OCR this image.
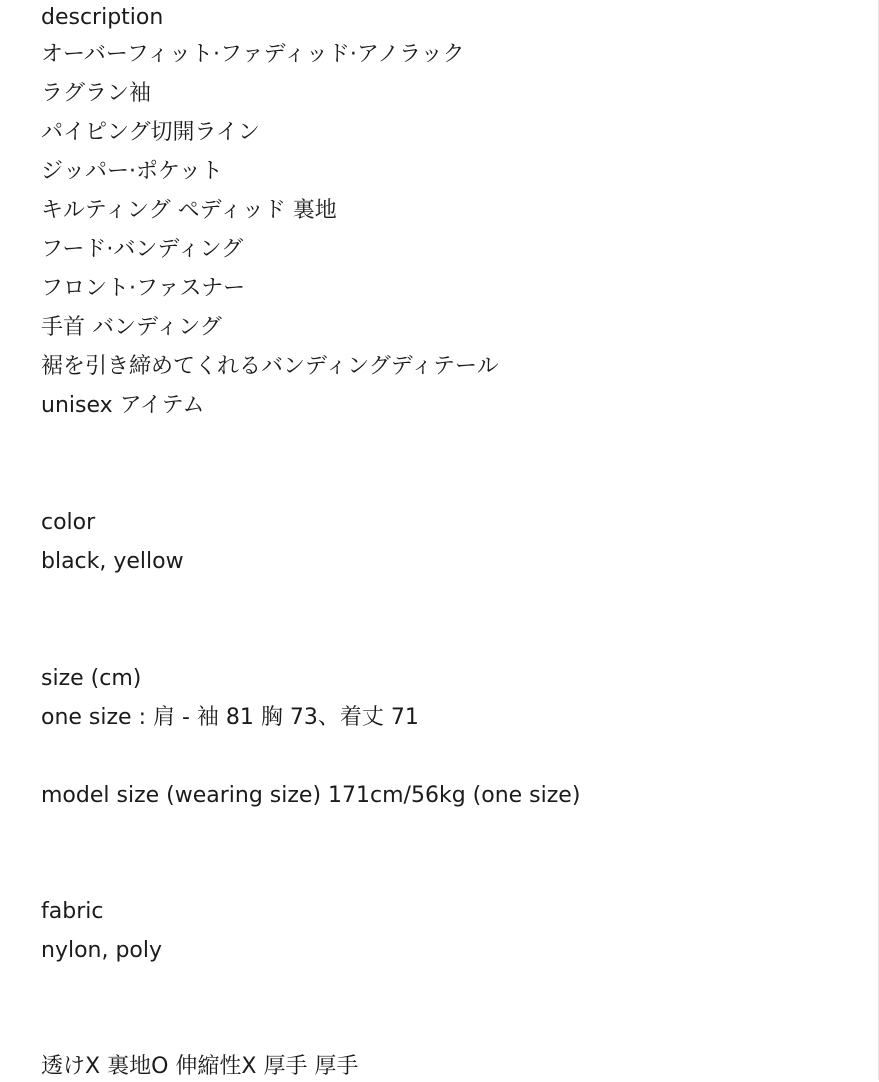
description
オーバーフィット·ファディッド·アノラック
ラグラン袖
パイピング切開ライン
ジッパー·ポケット
キルティング ペディッド 裏地
フード·バンディング
フロント·ファスナー
手首 バンディング
裾を引き締めてくれるバンディングディテール
unisex アイテム
color
black, yellow
size (cm)
one size : 肩 - 袖 81 胸 73、着丈 71
model size (wearing size) 171cm/56kg (one size)
fabric
nylon, poly
透けX 裏地O 伸縮性X 厚手 厚手
